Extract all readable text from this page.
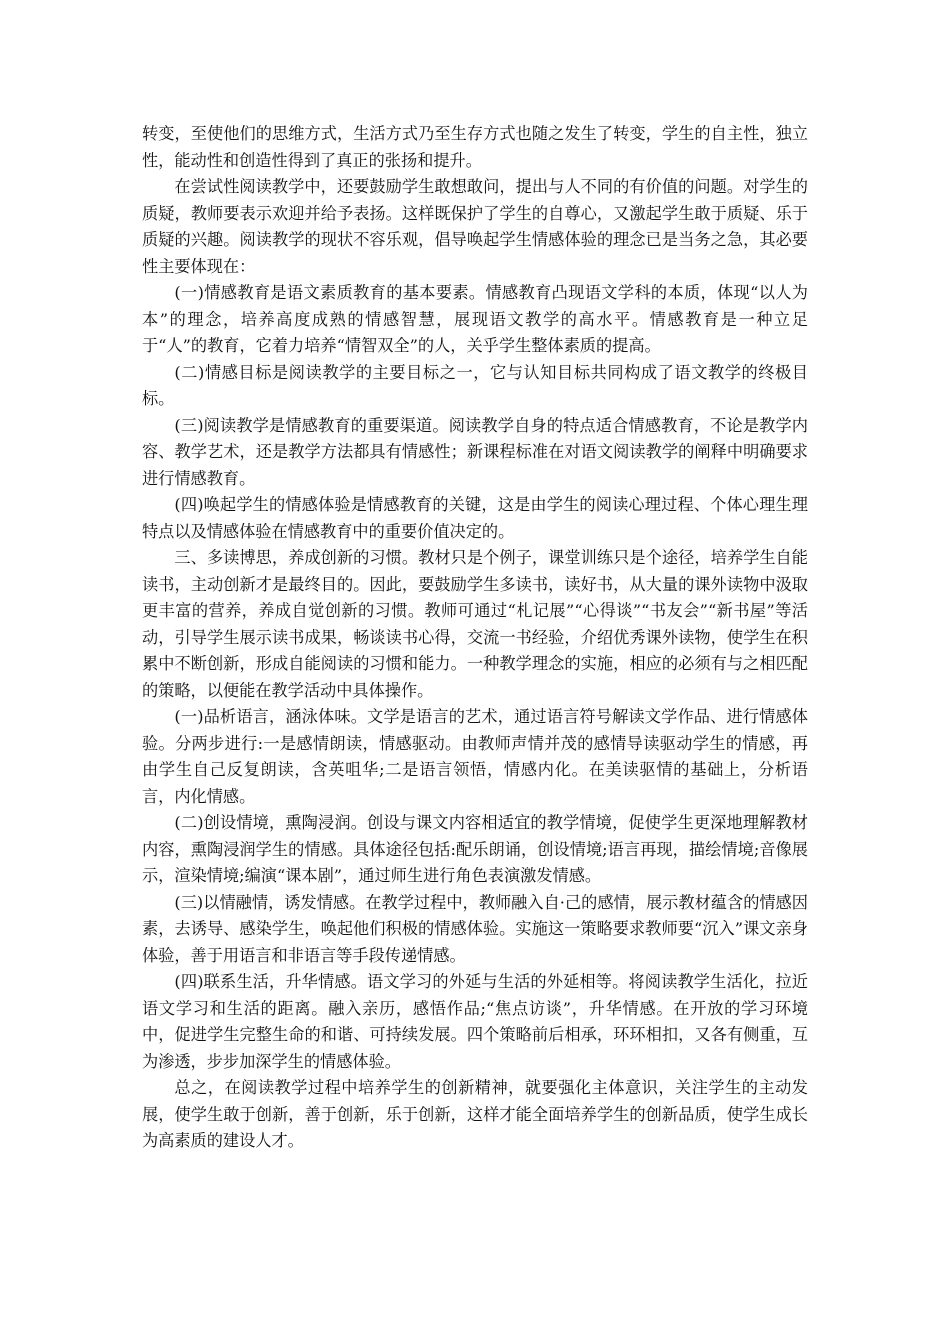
转变，至使他们的思维方式，生活方式乃至生存方式也随之发生了转变，学生的自主性，独立性，能动性和创造性得到了真正的张扬和提升。

在尝试性阅读教学中，还要鼓励学生敢想敢问，提出与人不同的有价值的问题。对学生的质疑，教师要表示欢迎并给予表扬。这样既保护了学生的自尊心，又激起学生敢于质疑、乐于质疑的兴趣。阅读教学的现状不容乐观，倡导唤起学生情感体验的理念已是当务之急，其必要性主要体现在：

(一)情感教育是语文素质教育的基本要素。情感教育凸现语文学科的本质，体现“以人为本”的理念，培养高度成熟的情感智慧，展现语文教学的高水平。情感教育是一种立足于“人”的教育，它着力培养“情智双全”的人，关乎学生整体素质的提高。

(二)情感目标是阅读教学的主要目标之一，它与认知目标共同构成了语文教学的终极目标。

(三)阅读教学是情感教育的重要渠道。阅读教学自身的特点适合情感教育，不论是教学内容、教学艺术，还是教学方法都具有情感性；新课程标准在对语文阅读教学的阐释中明确要求进行情感教育。

(四)唤起学生的情感体验是情感教育的关键，这是由学生的阅读心理过程、个体心理生理特点以及情感体验在情感教育中的重要价值决定的。

三、多读博思，养成创新的习惯。教材只是个例子，课堂训练只是个途径，培养学生自能读书，主动创新才是最终目的。因此，要鼓励学生多读书，读好书，从大量的课外读物中汲取更丰富的营养，养成自觉创新的习惯。教师可通过“札记展”“心得谈”“书友会”“新书屋”等活动，引导学生展示读书成果，畅谈读书心得，交流一书经验，介绍优秀课外读物，使学生在积累中不断创新，形成自能阅读的习惯和能力。一种教学理念的实施，相应的必须有与之相匹配的策略，以便能在教学活动中具体操作。

(一)品析语言，涵泳体味。文学是语言的艺术，通过语言符号解读文学作品、进行情感体验。分两步进行:一是感情朗读，情感驱动。由教师声情并茂的感情导读驱动学生的情感，再由学生自己反复朗读，含英咀华;二是语言领悟，情感内化。在美读驱情的基础上，分析语言，内化情感。

(二)创设情境，熏陶浸润。创设与课文内容相适宜的教学情境，促使学生更深地理解教材内容，熏陶浸润学生的情感。具体途径包括:配乐朗诵，创设情境;语言再现，描绘情境;音像展示，渲染情境;编演“课本剧”，通过师生进行角色表演激发情感。

(三)以情融情，诱发情感。在教学过程中，教师融入自·己的感情，展示教材蕴含的情感因素，去诱导、感染学生，唤起他们积极的情感体验。实施这一策略要求教师要“沉入”课文亲身体验，善于用语言和非语言等手段传递情感。

(四)联系生活，升华情感。语文学习的外延与生活的外延相等。将阅读教学生活化，拉近语文学习和生活的距离。融入亲历，感悟作品;“焦点访谈”，升华情感。在开放的学习环境中，促进学生完整生命的和谐、可持续发展。四个策略前后相承，环环相扣，又各有侧重，互为渗透，步步加深学生的情感体验。

总之，在阅读教学过程中培养学生的创新精神，就要强化主体意识，关注学生的主动发展，使学生敢于创新，善于创新，乐于创新，这样才能全面培养学生的创新品质，使学生成长为高素质的建设人才。
